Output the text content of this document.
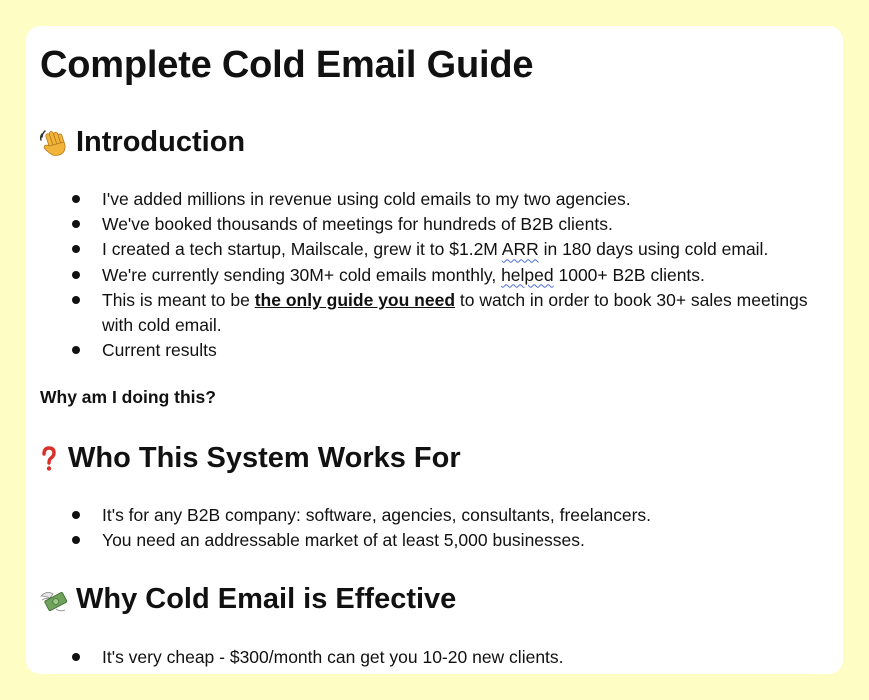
Complete Cold Email Guide
Introduction
I've added millions in revenue using cold emails to my two agencies.
We've booked thousands of meetings for hundreds of B2B clients.
I created a tech startup, Mailscale, grew it to $1.2M ARR in 180 days using cold email.
We're currently sending 30M+ cold emails monthly, helped 1000+ B2B clients.
This is meant to be the only guide you need to watch in order to book 30+ sales meetings with cold email.
Current results

Why am I doing this?

Who This System Works For
It's for any B2B company: software, agencies, consultants, freelancers.
You need an addressable market of at least 5,000 businesses.
Why Cold Email is Effective
It's very cheap - $300/month can get you 10-20 new clients.
